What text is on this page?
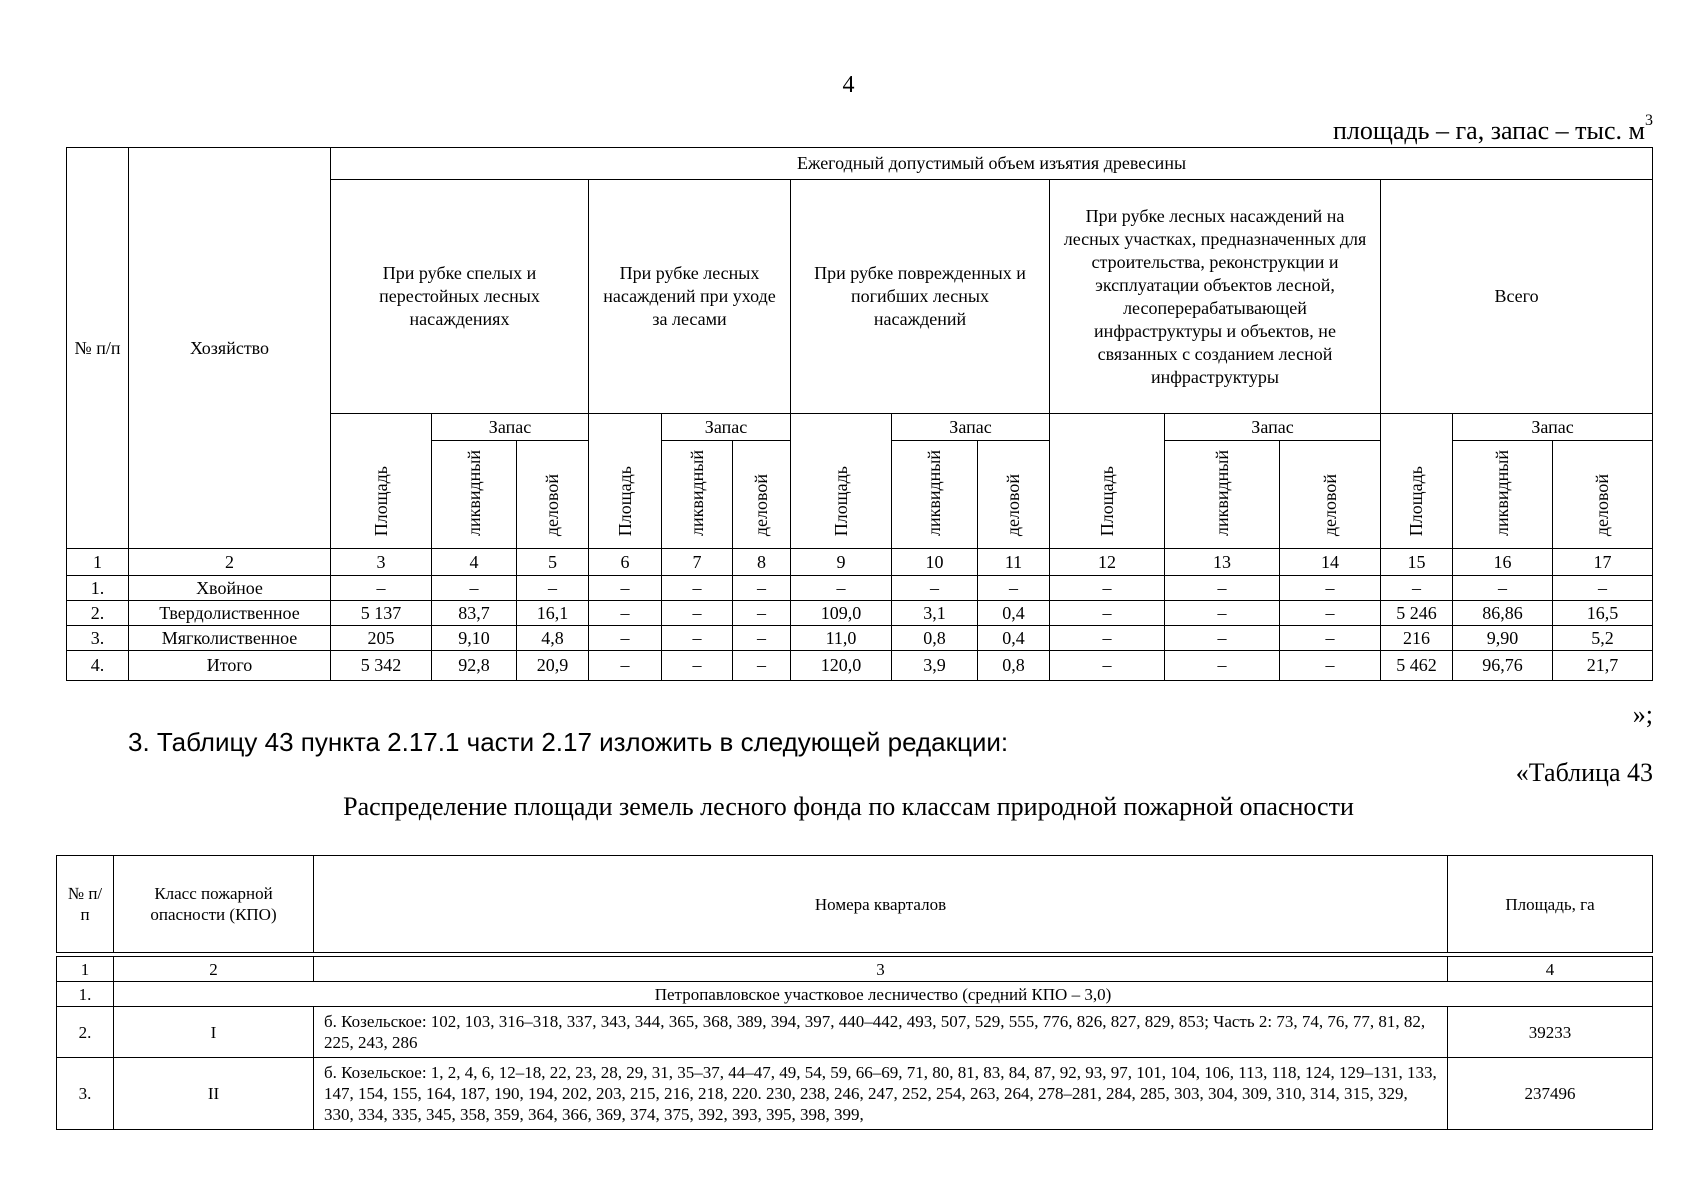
4
площадь – га, запас – тыс. $м^3$
№ п/п	Хозяйство	Ежегодный допустимый объем изъятия древесины														
		При рубке спелых и перестойных лесных насаждениях			При рубке лесных насаждений при уходе за лесами			При рубке поврежденных и погибших лесных насаждений			При рубке лесных насаждений на лесных участках, предназначенных для строительства, реконструкции и эксплуатации объектов лесной, лесоперерабатывающей инфраструктуры и объектов, не связанных с созданием лесной инфраструктуры			Всего		
		Площадь	Запас		Площадь	Запас		Площадь	Запас		Площадь	Запас		Площадь	Запас	
			ликвидный	деловой		ликвидный	деловой		ликвидный	деловой		ликвидный	деловой		ликвидный	деловой
1	2	3	4	5	6	7	8	9	10	11	12	13	14	15	16	17
1.	Хвойное	–	–	–	–	–	–	–	–	–	–	–	–	–	–	–
2.	Твердолиственное	5 137	83,7	16,1	–	–	–	109,0	3,1	0,4	–	–	–	5 246	86,86	16,5
3.	Мягколиственное	205	9,10	4,8	–	–	–	11,0	0,8	0,4	–	–	–	216	9,90	5,2
4.	Итого	5 342	92,8	20,9	–	–	–	120,0	3,9	0,8	–	–	–	5 462	96,76	21,7
»;
3. Таблицу 43 пункта 2.17.1 части 2.17 изложить в следующей редакции:
«Таблица 43
Распределение площади земель лесного фонда по классам природной пожарной опасности
№ п/п	Класс пожарной опасности (КПО)	Номера кварталов	Площадь, га

1	2	3	4
1.	Петропавловское участковое лесничество (средний КПО – 3,0)		
2.	I	б. Козельское: 102, 103, 316–318, 337, 343, 344, 365, 368, 389, 394, 397, 440–442, 493, 507, 529, 555, 776, 826, 827, 829, 853; Часть 2: 73, 74, 76, 77, 81, 82, 225, 243, 286	39233
3.	II	б. Козельское: 1, 2, 4, 6, 12–18, 22, 23, 28, 29, 31, 35–37, 44–47, 49, 54, 59, 66–69, 71, 80, 81, 83, 84, 87, 92, 93, 97, 101, 104, 106, 113, 118, 124, 129–131, 133, 147, 154, 155, 164, 187, 190, 194, 202, 203, 215, 216, 218, 220. 230, 238, 246, 247, 252, 254, 263, 264, 278–281, 284, 285, 303, 304, 309, 310, 314, 315, 329, 330, 334, 335, 345, 358, 359, 364, 366, 369, 374, 375, 392, 393, 395, 398, 399,	237496
